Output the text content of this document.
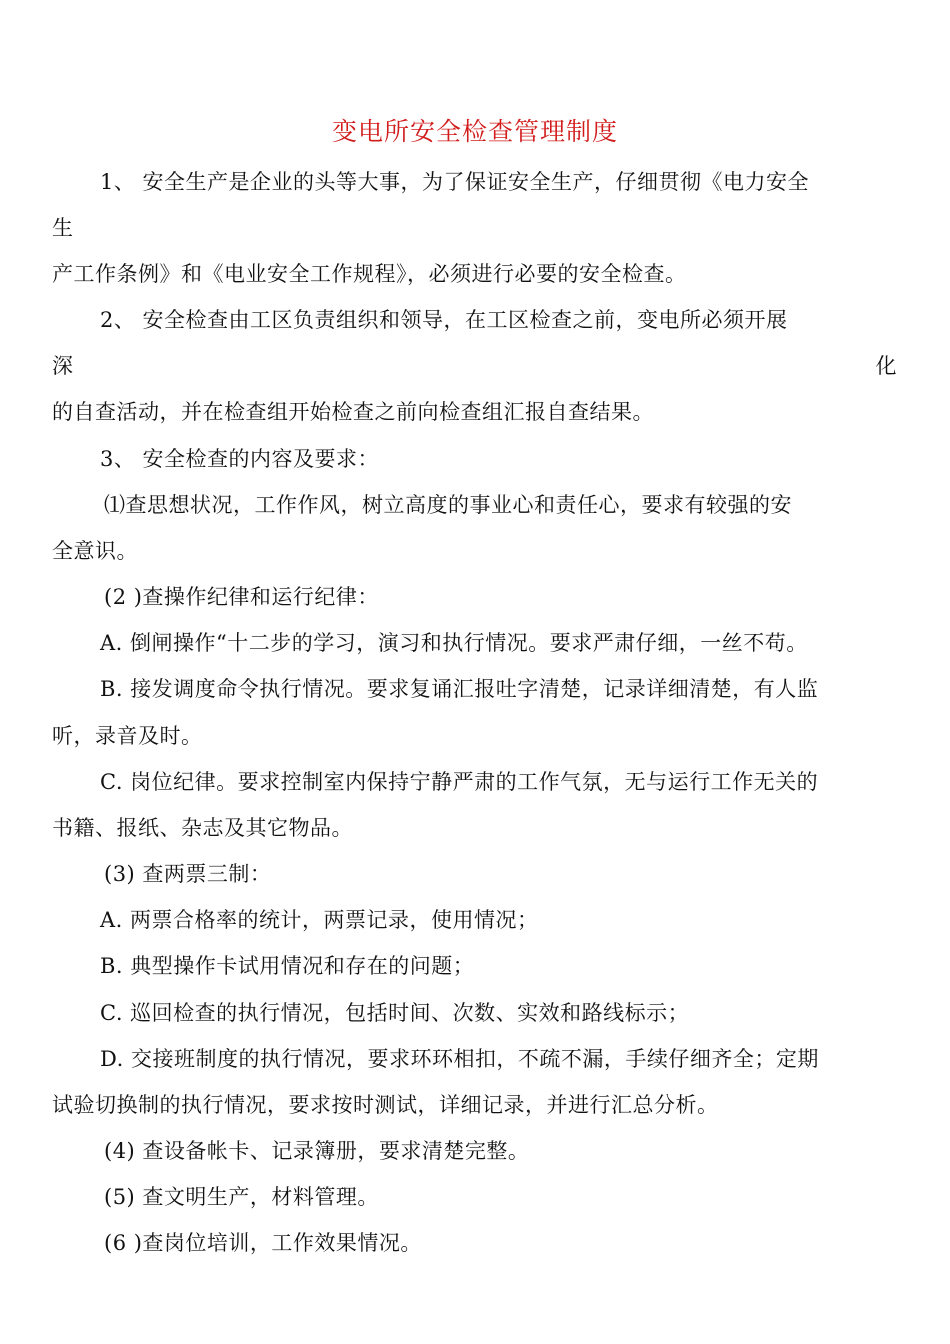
变电所安全检查管理制度
1、 安全生产是企业的头等大事，为了保证安全生产，仔细贯彻《电力安全
生
产工作条例》和《电业安全工作规程》，必须进行必要的安全检查。
2、 安全检查由工区负责组织和领导，在工区检查之前，变电所必须开展
深	化
的自查活动，并在检查组开始检查之前向检查组汇报自查结果。
3、 安全检查的内容及要求：
⑴查思想状况，工作作风，树立高度的事业心和责任心，要求有较强的安
全意识。
(2 )查操作纪律和运行纪律：
A. 倒闸操作“十二步的学习，演习和执行情况。要求严肃仔细，一丝不苟。
B. 接发调度命令执行情况。要求复诵汇报吐字清楚，记录详细清楚，有人监
听，录音及时。
C. 岗位纪律。要求控制室内保持宁静严肃的工作气氛，无与运行工作无关的
书籍、报纸、杂志及其它物品。
(3) 查两票三制：
A. 两票合格率的统计，两票记录，使用情况；
B. 典型操作卡试用情况和存在的问题；
C. 巡回检查的执行情况，包括时间、次数、实效和路线标示；
D. 交接班制度的执行情况，要求环环相扣，不疏不漏，手续仔细齐全；定期
试验切换制的执行情况，要求按时测试，详细记录，并进行汇总分析。
(4) 查设备帐卡、记录簿册，要求清楚完整。
(5) 查文明生产，材料管理。
(6 )查岗位培训，工作效果情况。
